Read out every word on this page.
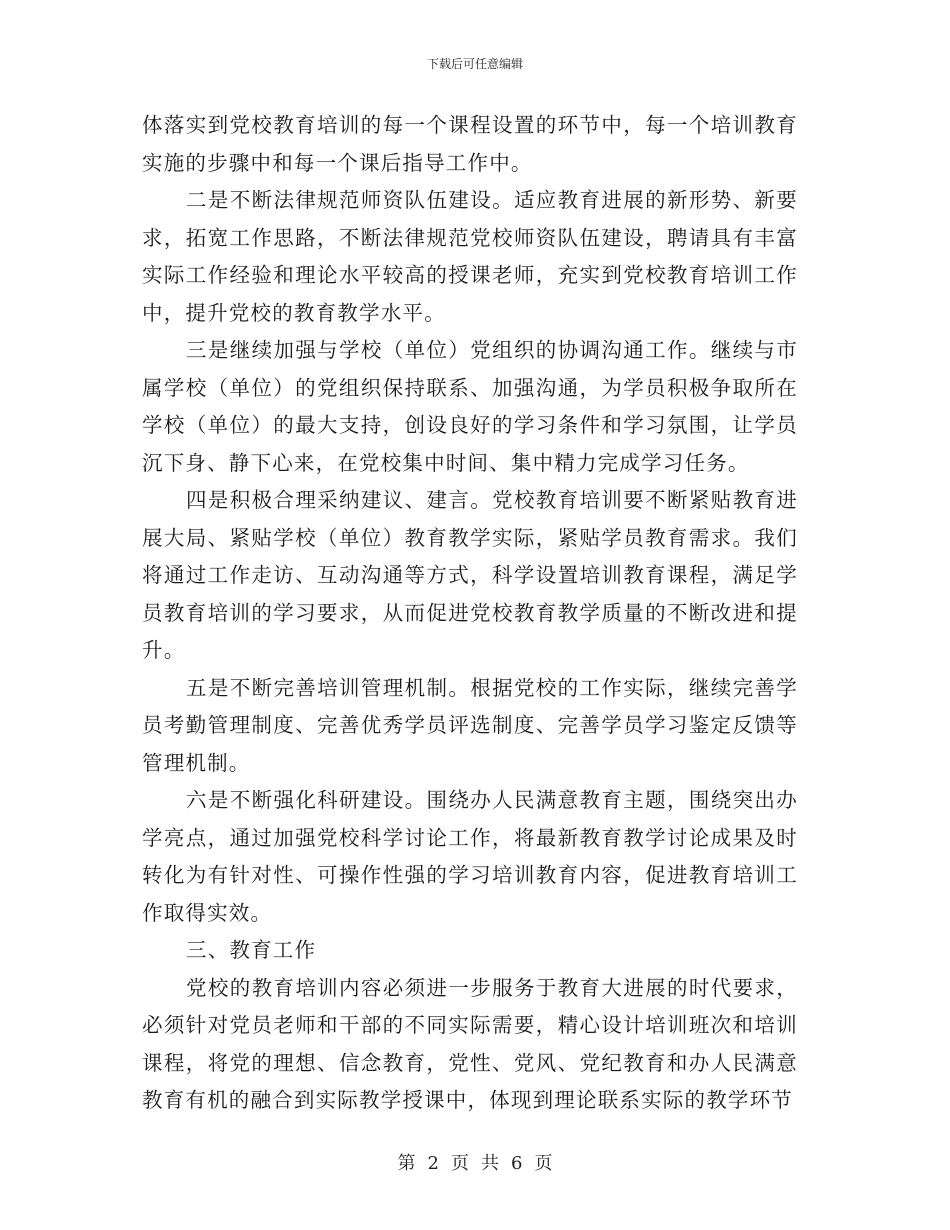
下载后可任意编辑

体落实到党校教育培训的每一个课程设置的环节中，每一个培训教育实施的步骤中和每一个课后指导工作中。

二是不断法律规范师资队伍建设。适应教育进展的新形势、新要求，拓宽工作思路，不断法律规范党校师资队伍建设，聘请具有丰富实际工作经验和理论水平较高的授课老师，充实到党校教育培训工作中，提升党校的教育教学水平。

三是继续加强与学校（单位）党组织的协调沟通工作。继续与市属学校（单位）的党组织保持联系、加强沟通，为学员积极争取所在学校（单位）的最大支持，创设良好的学习条件和学习氛围，让学员沉下身、静下心来，在党校集中时间、集中精力完成学习任务。

四是积极合理采纳建议、建言。党校教育培训要不断紧贴教育进展大局、紧贴学校（单位）教育教学实际，紧贴学员教育需求。我们将通过工作走访、互动沟通等方式，科学设置培训教育课程，满足学员教育培训的学习要求，从而促进党校教育教学质量的不断改进和提升。

五是不断完善培训管理机制。根据党校的工作实际，继续完善学员考勤管理制度、完善优秀学员评选制度、完善学员学习鉴定反馈等管理机制。

六是不断强化科研建设。围绕办人民满意教育主题，围绕突出办学亮点，通过加强党校科学讨论工作，将最新教育教学讨论成果及时转化为有针对性、可操作性强的学习培训教育内容，促进教育培训工作取得实效。

三、教育工作

党校的教育培训内容必须进一步服务于教育大进展的时代要求，必须针对党员老师和干部的不同实际需要，精心设计培训班次和培训课程，将党的理想、信念教育，党性、党风、党纪教育和办人民满意教育有机的融合到实际教学授课中，体现到理论联系实际的教学环节

第 2 页 共 6 页
